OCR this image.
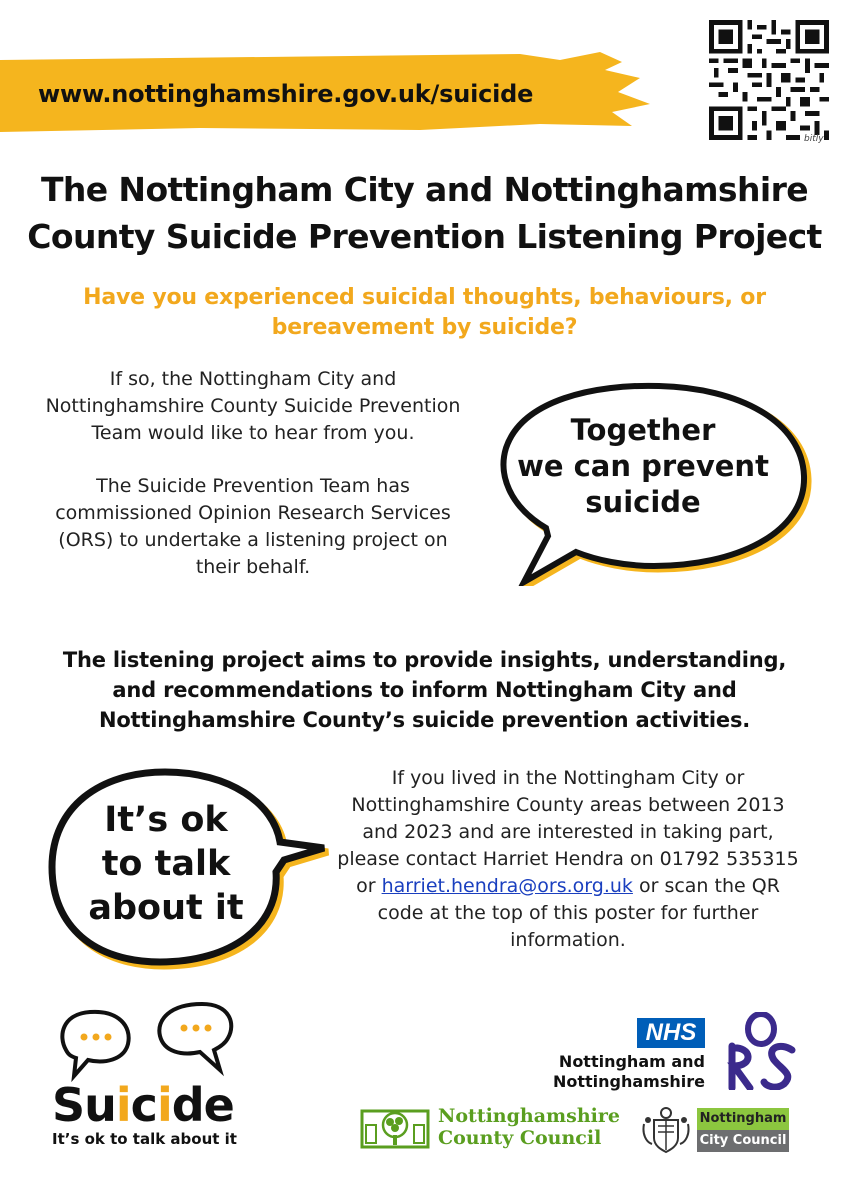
www.nottinghamshire.gov.uk/suicide
bitly
The Nottingham City and Nottinghamshire
County Suicide Prevention Listening Project
Have you experienced suicidal thoughts, behaviours, or
bereavement by suicide?

If so, the Nottingham City and Nottinghamshire County Suicide Prevention Team would like to hear from you.

The Suicide Prevention Team has commissioned Opinion Research Services (ORS) to undertake a listening project on their behalf.

Together
we can prevent
suicide
The listening project aims to provide insights, understanding,
and recommendations to inform Nottingham City and
Nottinghamshire County’s suicide prevention activities.
It’s ok
to talk
about it
If you lived in the Nottingham City or Nottinghamshire County areas between 2013 and 2023 and are interested in taking part, please contact Harriet Hendra on 01792 535315 or harriet.hendra@ors.org.uk or scan the QR code at the top of this poster for further information.
Suicide
It’s ok to talk about it
NHS
Nottingham and
Nottinghamshire
Nottinghamshire
County Council
Nottingham
City Council
